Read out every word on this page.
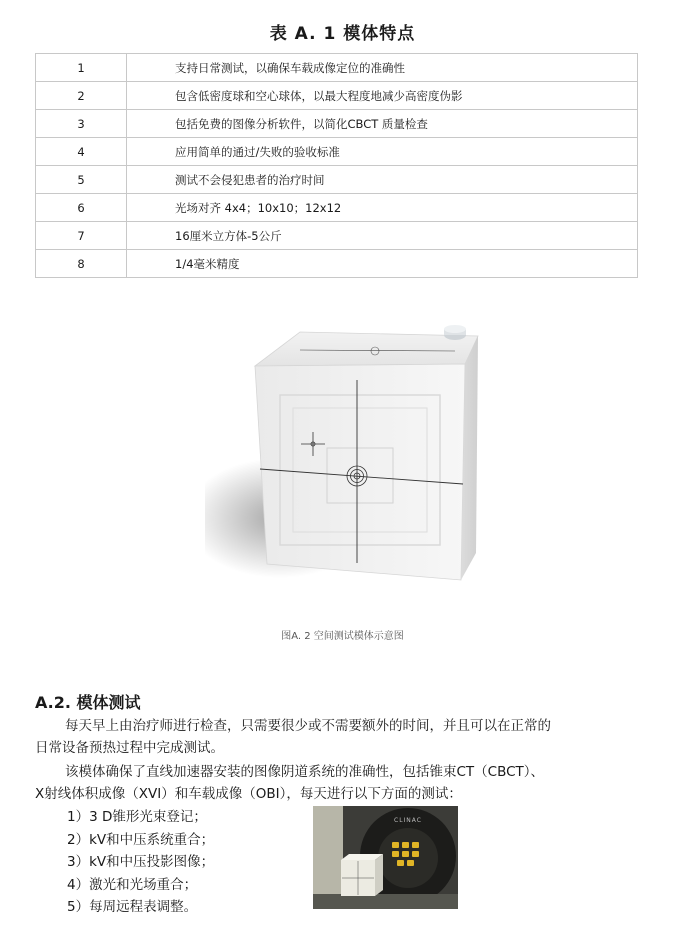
表 A. 1 模体特点
1	支持日常测试，以确保车载成像定位的准确性
2	包含低密度球和空心球体，以最大程度地减少高密度伪影
3	包括免费的图像分析软件，以简化CBCT 质量检查
4	应用简单的通过/失败的验收标准
5	测试不会侵犯患者的治疗时间
6	光场对齐 4x4；10x10；12x12
7	16厘米立方体-5公斤
8	1/4毫米精度
图A. 2 空间测试模体示意图
A.2. 模体测试
每天早上由治疗师进行检查，只需要很少或不需要额外的时间，并且可以在正常的
日常设备预热过程中完成测试。
该模体确保了直线加速器安装的图像阴道系统的准确性，包括锥束CT（CBCT）、
X射线体积成像（XVI）和车载成像（OBI），每天进行以下方面的测试：
1）3 D锥形光束登记；
2）kV和中压系统重合；
3）kV和中压投影图像；
4）激光和光场重合；
5）每周远程表调整。
CLINAC
